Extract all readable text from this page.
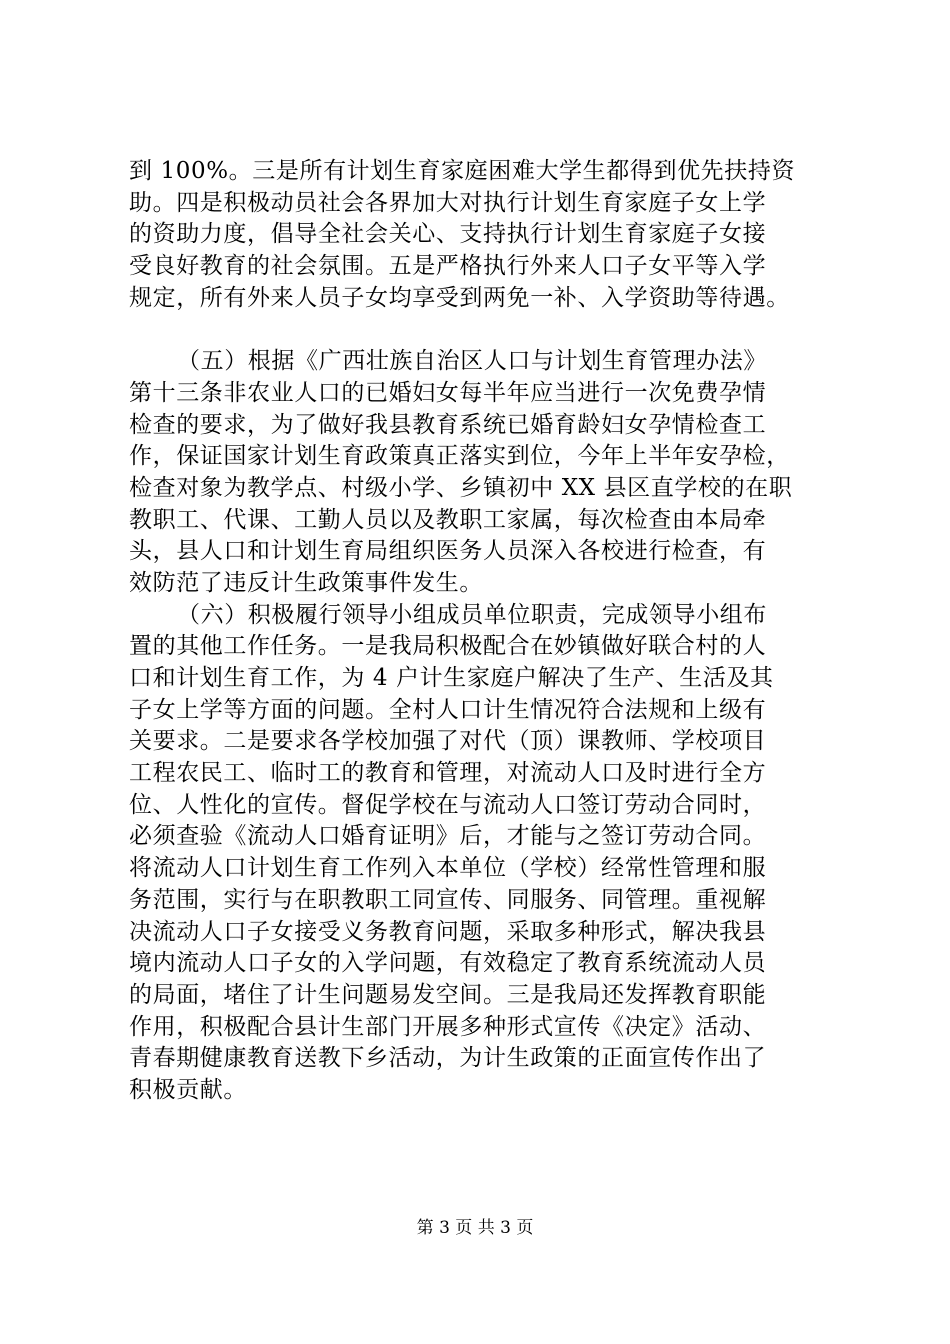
到 100%。三是所有计划生育家庭困难大学生都得到优先扶持资
助。四是积极动员社会各界加大对执行计划生育家庭子女上学
的资助力度，倡导全社会关心、支持执行计划生育家庭子女接
受良好教育的社会氛围。五是严格执行外来人口子女平等入学
规定，所有外来人员子女均享受到两免一补、入学资助等待遇。
（五）根据《广西壮族自治区人口与计划生育管理办法》
第十三条非农业人口的已婚妇女每半年应当进行一次免费孕情
检查的要求，为了做好我县教育系统已婚育龄妇女孕情检查工
作，保证国家计划生育政策真正落实到位，今年上半年安孕检，
检查对象为教学点、村级小学、乡镇初中 XX 县区直学校的在职
教职工、代课、工勤人员以及教职工家属，每次检查由本局牵
头，县人口和计划生育局组织医务人员深入各校进行检查，有
效防范了违反计生政策事件发生。
（六）积极履行领导小组成员单位职责，完成领导小组布
置的其他工作任务。一是我局积极配合在妙镇做好联合村的人
口和计划生育工作，为 4 户计生家庭户解决了生产、生活及其
子女上学等方面的问题。全村人口计生情况符合法规和上级有
关要求。二是要求各学校加强了对代（顶）课教师、学校项目
工程农民工、临时工的教育和管理，对流动人口及时进行全方
位、人性化的宣传。督促学校在与流动人口签订劳动合同时，
必须查验《流动人口婚育证明》后，才能与之签订劳动合同。
将流动人口计划生育工作列入本单位（学校）经常性管理和服
务范围，实行与在职教职工同宣传、同服务、同管理。重视解
决流动人口子女接受义务教育问题，采取多种形式，解决我县
境内流动人口子女的入学问题，有效稳定了教育系统流动人员
的局面，堵住了计生问题易发空间。三是我局还发挥教育职能
作用，积极配合县计生部门开展多种形式宣传《决定》活动、
青春期健康教育送教下乡活动，为计生政策的正面宣传作出了
积极贡献。
第 3 页 共 3 页
